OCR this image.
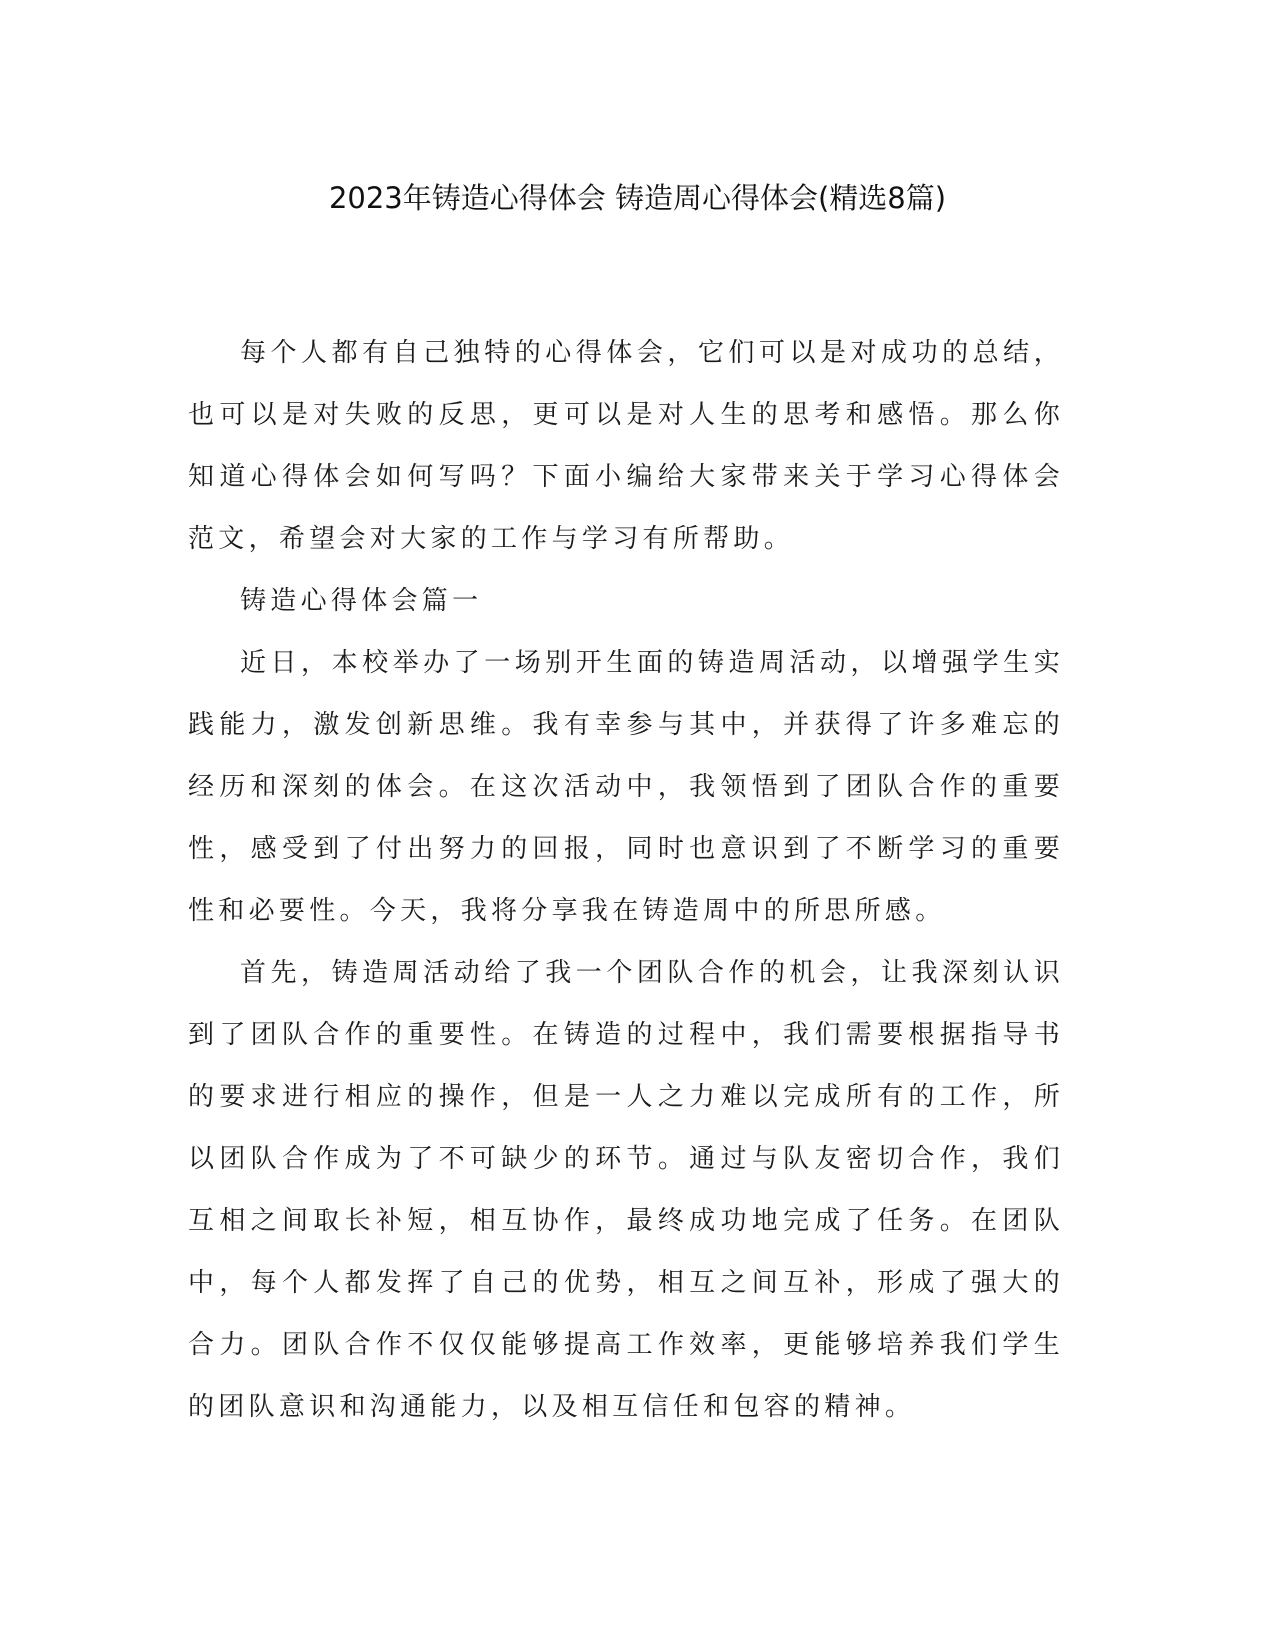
2023年铸造心得体会 铸造周心得体会(精选8篇)

每个人都有自己独特的心得体会，它们可以是对成功的总结，也可以是对失败的反思，更可以是对人生的思考和感悟。那么你知道心得体会如何写吗？下面小编给大家带来关于学习心得体会范文，希望会对大家的工作与学习有所帮助。

铸造心得体会篇一

近日，本校举办了一场别开生面的铸造周活动，以增强学生实践能力，激发创新思维。我有幸参与其中，并获得了许多难忘的经历和深刻的体会。在这次活动中，我领悟到了团队合作的重要性，感受到了付出努力的回报，同时也意识到了不断学习的重要性和必要性。今天，我将分享我在铸造周中的所思所感。

首先，铸造周活动给了我一个团队合作的机会，让我深刻认识到了团队合作的重要性。在铸造的过程中，我们需要根据指导书的要求进行相应的操作，但是一人之力难以完成所有的工作，所以团队合作成为了不可缺少的环节。通过与队友密切合作，我们互相之间取长补短，相互协作，最终成功地完成了任务。在团队中，每个人都发挥了自己的优势，相互之间互补，形成了强大的合力。团队合作不仅仅能够提高工作效率，更能够培养我们学生的团队意识和沟通能力，以及相互信任和包容的精神。
